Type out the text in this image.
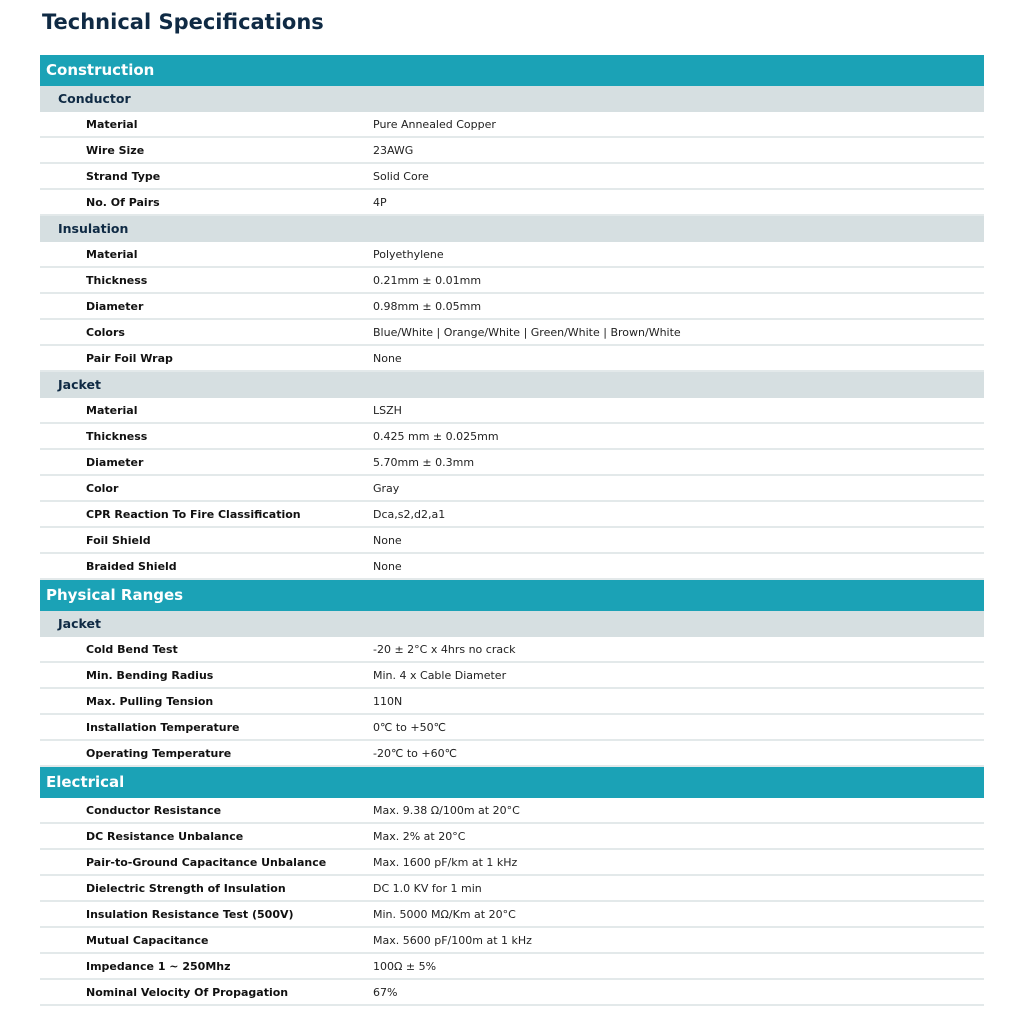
Technical Specifications
Construction
Conductor
Material	Pure Annealed Copper
Wire Size	23AWG
Strand Type	Solid Core
No. Of Pairs	4P
Insulation
Material	Polyethylene
Thickness	0.21mm ± 0.01mm
Diameter	0.98mm ± 0.05mm
Colors	Blue/White | Orange/White | Green/White | Brown/White
Pair Foil Wrap	None
Jacket
Material	LSZH
Thickness	0.425 mm ± 0.025mm
Diameter	5.70mm ± 0.3mm
Color	Gray
CPR Reaction To Fire Classification	Dca,s2,d2,a1
Foil Shield	None
Braided Shield	None
Physical Ranges
Jacket
Cold Bend Test	-20 ± 2°C x 4hrs no crack
Min. Bending Radius	Min. 4 x Cable Diameter
Max. Pulling Tension	110N
Installation Temperature	0℃ to +50℃
Operating Temperature	-20℃ to +60℃
Electrical
Conductor Resistance	Max. 9.38 Ω/100m at 20°C
DC Resistance Unbalance	Max. 2% at 20°C
Pair-to-Ground Capacitance Unbalance	Max. 1600 pF/km at 1 kHz
Dielectric Strength of Insulation	DC 1.0 KV for 1 min
Insulation Resistance Test (500V)	Min. 5000 MΩ/Km at 20°C
Mutual Capacitance	Max. 5600 pF/100m at 1 kHz
Impedance 1 ~ 250Mhz	100Ω ± 5%
Nominal Velocity Of Propagation	67%
